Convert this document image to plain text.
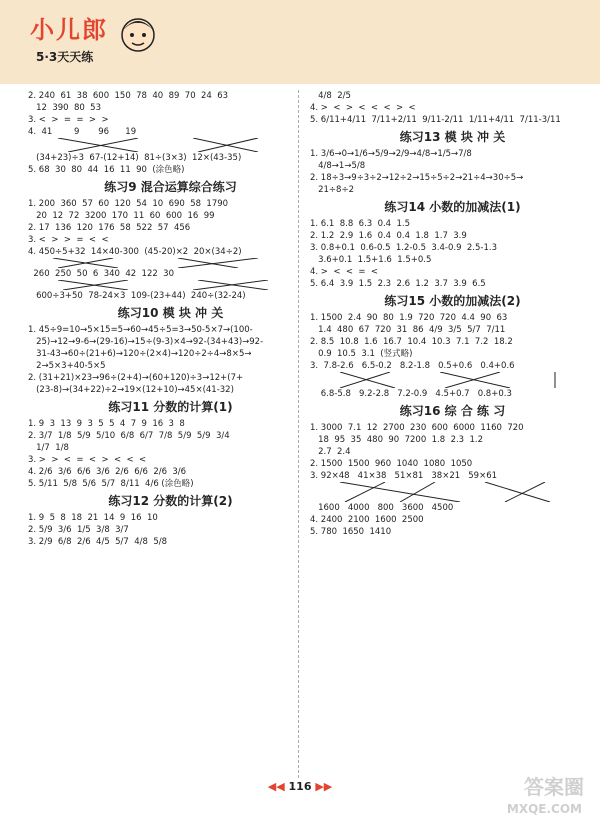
小儿郎
5·3天天练
2. 240  61  38  600  150  78  40  89  70  24  63
12  390  80  53
3. <  >  =  =  >  >
4.  41        9       96      19
(34+23)÷3  67-(12+14)  81÷(3×3)  12×(43-35)
5. 68  30  80  44  16  11  90  (涂色略)
练习9 混合运算综合练习
1. 200  360  57  60  120  54  10  690  58  1790
20  12  72  3200  170  11  60  600  16  99
2. 17  136  120  176  58  522  57  456
3. <  >  >  =  <  <
4. 450÷5+32  14×40-300  (45-20)×2  20×(34÷2)
260  250  50  6  340  42  122  30
600÷3+50  78-24×3  109-(23+44)  240÷(32-24)
练习10 模 块 冲 关
1. 45÷9=10→5×15=5→60→45÷5=3→50-5×7→(100-
25)→12→9-6→(29-16)→15÷(9-3)×4→92-(34+43)→92-
31-43→60÷(21+6)→120÷(2×4)→120÷2÷4→8×5→
2→5×3+40-5×5
2. (31+21)×23→96÷(2+4)→(60+120)÷3→12+(7+
(23-8)→(34+22)÷2→19×(12+10)→45×(41-32)
练习11 分数的计算(1)
1. 9  3  13  9  3  5  5  4  7  9  16  3  8
2. 3/7  1/8  5/9  5/10  6/8  6/7  7/8  5/9  5/9  3/4
1/7  1/8
3. >  >  <  =  <  >  <  <  <
4. 2/6  3/6  6/6  3/6  2/6  6/6  2/6  3/6
5. 5/11  5/8  5/6  5/7  8/11  4/6 (涂色略)
练习12 分数的计算(2)
1. 9  5  8  18  21  14  9  16  10
2. 5/9  3/6  1/5  3/8  3/7
3. 2/9  6/8  2/6  4/5  5/7  4/8  5/8
4/8  2/5
4. >  <  >  <  <  <  >  <
5. 6/11+4/11  7/11+2/11  9/11-2/11  1/11+4/11  7/11-3/11
练习13 模 块 冲 关
1. 3/6→0→1/6→5/9→2/9→4/8→1/5→7/8
4/8→1→5/8
2. 18÷3→9÷3÷2→12÷2→15÷5÷2→21÷4→30÷5→
21÷8÷2
练习14 小数的加减法(1)
1. 6.1  8.8  6.3  0.4  1.5
2. 1.2  2.9  1.6  0.4  0.4  1.8  1.7  3.9
3. 0.8+0.1  0.6-0.5  1.2-0.5  3.4-0.9  2.5-1.3
3.6+0.1  1.5+1.6  1.5+0.5
4. >  <  <  =  <
5. 6.4  3.9  1.5  2.3  2.6  1.2  3.7  3.9  6.5
练习15 小数的加减法(2)
1. 1500  2.4  90  80  1.9  720  720  4.4  90  63
1.4  480  67  720  31  86  4/9  3/5  5/7  7/11
2. 8.5  10.8  1.6  16.7  10.4  10.3  7.1  7.2  18.2
0.9  10.5  3.1  (竖式略)
3.  7.8-2.6   6.5-0.2   8.2-1.8   0.5+0.6   0.4+0.6
6.8-5.8   9.2-2.8   7.2-0.9   4.5+0.7   0.8+0.3
练习16 综 合 练 习
1. 3000  7.1  12  2700  230  600  6000  1160  720
18  95  35  480  90  7200  1.8  2.3  1.2
2.7  2.4
2. 1500  1500  960  1040  1080  1050
3. 92×48   41×38   51×81   38×21   59×61
1600   4000   800   3600   4500
4. 2400  2100  1600  2500
5. 780  1650  1410
◀◀ 116 ▶▶	答案圈
MXQE.COM
